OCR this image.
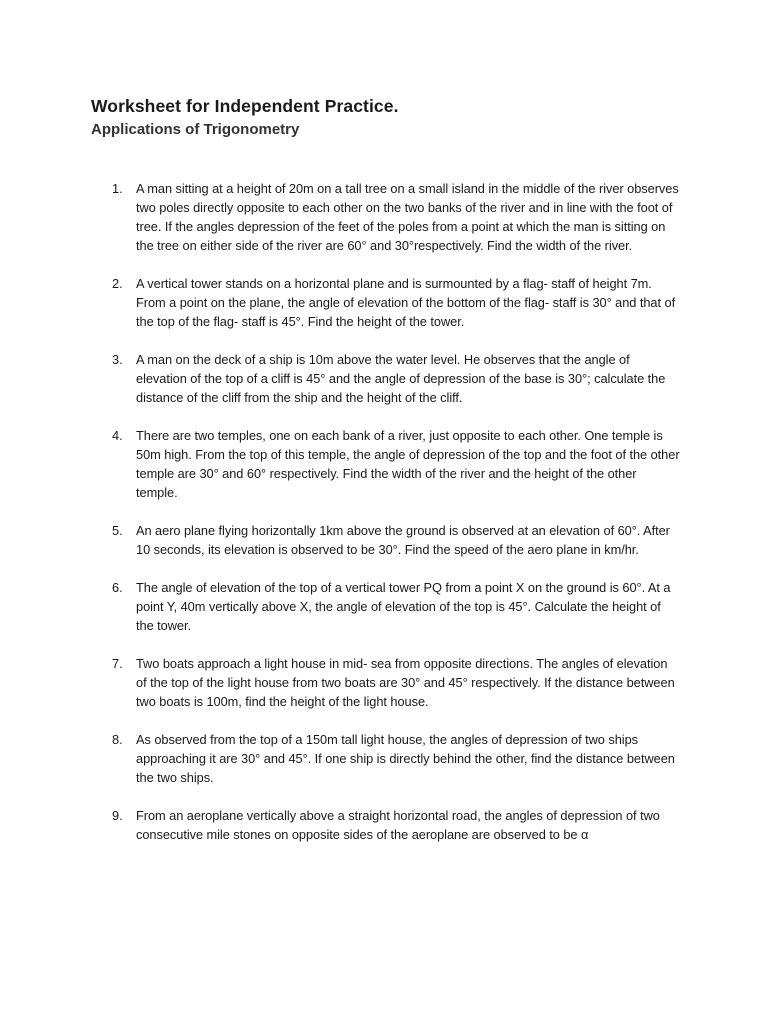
Worksheet for Independent Practice.
Applications of Trigonometry
1. A man sitting at a height of 20m on a tall tree on a small island in the middle of the river observes two poles directly opposite to each other on the two banks of the river and in line with the foot of tree. If the angles depression of the feet of the poles from a point at which the man is sitting on the tree on either side of the river are 60° and 30°respectively. Find the width of the river.

2. A vertical tower stands on a horizontal plane and is surmounted by a flag- staff of height 7m. From a point on the plane, the angle of elevation of the bottom of the flag- staff is 30° and that of the top of the flag- staff is 45°. Find the height of the tower.

3. A man on the deck of a ship is 10m above the water level. He observes that the angle of elevation of the top of a cliff is 45° and the angle of depression of the base is 30°; calculate the distance of the cliff from the ship and the height of the cliff.

4. There are two temples, one on each bank of a river, just opposite to each other. One temple is 50m high. From the top of this temple, the angle of depression of the top and the foot of the other temple are 30° and 60° respectively. Find the width of the river and the height of the other temple.

5. An aero plane flying horizontally 1km above the ground is observed at an elevation of 60°. After 10 seconds, its elevation is observed to be 30°. Find the speed of the aero plane in km/hr.

6. The angle of elevation of the top of a vertical tower PQ from a point X on the ground is 60°. At a point Y, 40m vertically above X, the angle of elevation of the top is 45°. Calculate the height of the tower.

7. Two boats approach a light house in mid- sea from opposite directions. The angles of elevation of the top of the light house from two boats are 30° and 45° respectively. If the distance between two boats is 100m, find the height of the light house.

8. As observed from the top of a 150m tall light house, the angles of depression of two ships approaching it are 30° and 45°. If one ship is directly behind the other, find the distance between the two ships.

9. From an aeroplane vertically above a straight horizontal road, the angles of depression of two consecutive mile stones on opposite sides of the aeroplane are observed to be α
